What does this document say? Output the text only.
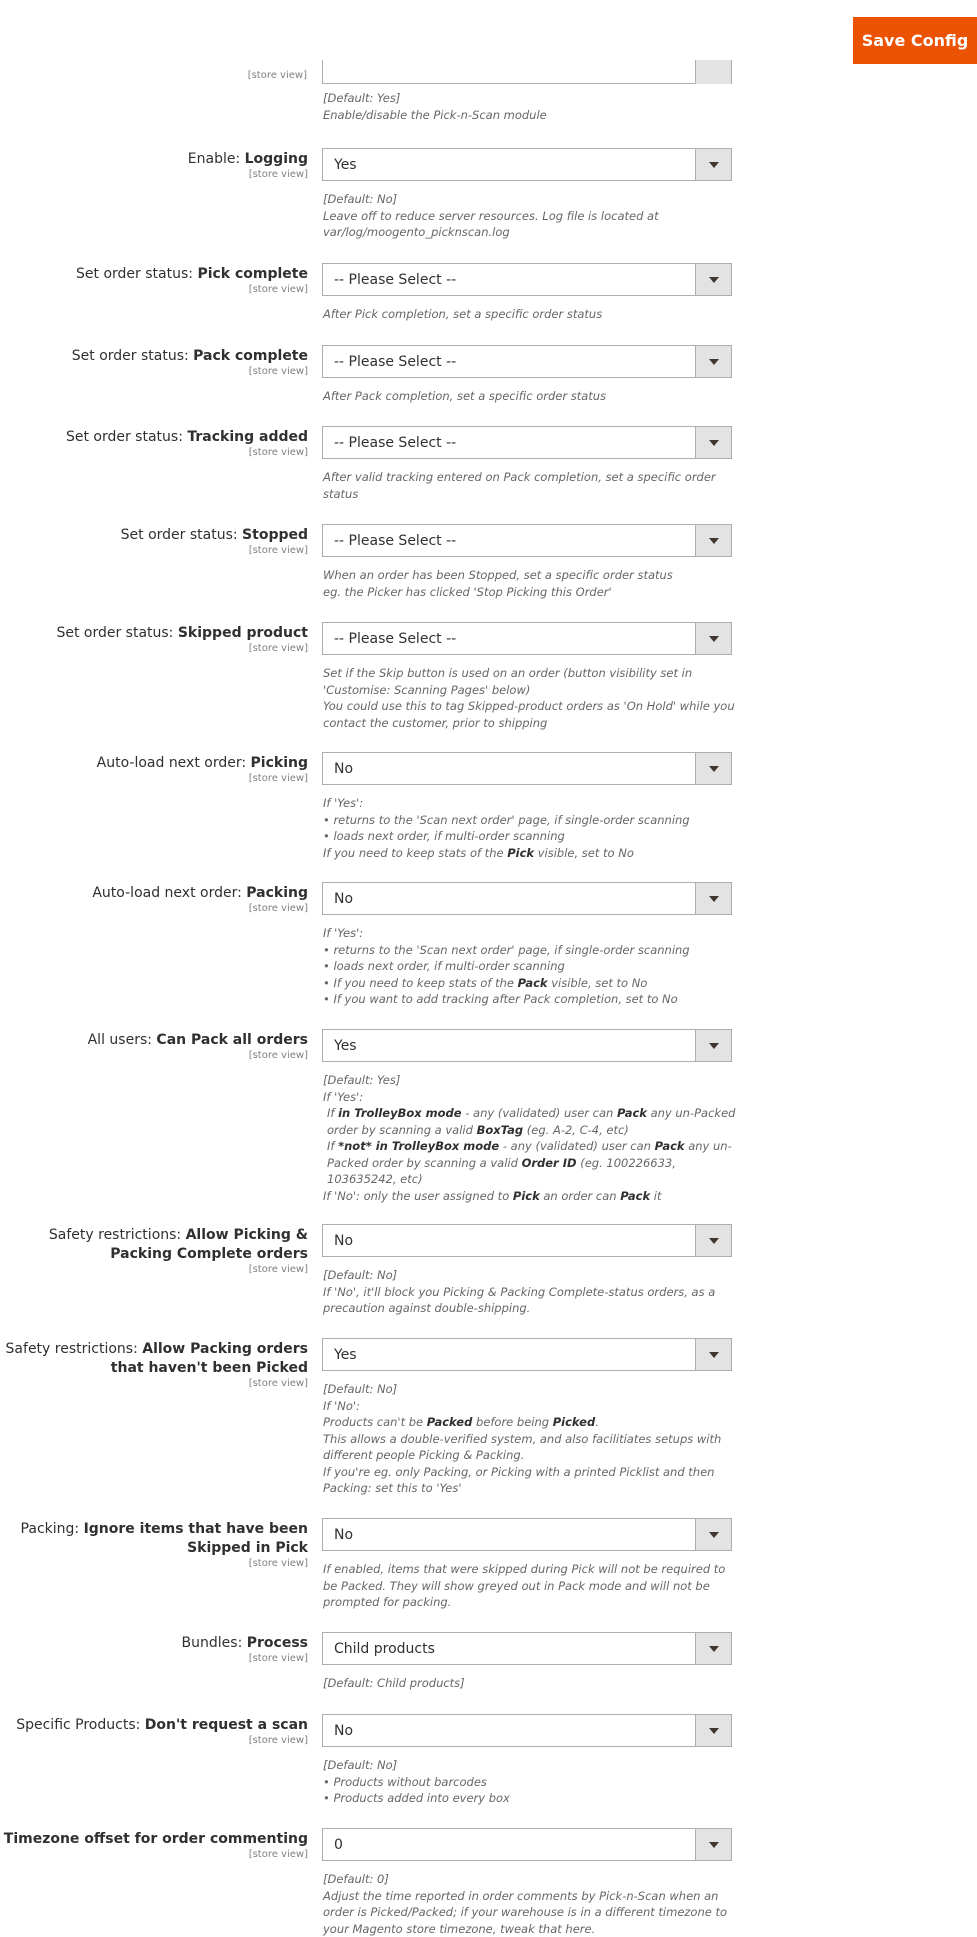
Save Config
[store view]

[Default: Yes]

Enable/disable the Pick-n-Scan module

Enable: Logging
[store view]
Yes

[Default: No]

Leave off to reduce server resources. Log file is located at var/log/moogento_picknscan.log

Set order status: Pick complete
[store view]
-- Please Select --

After Pick completion, set a specific order status

Set order status: Pack complete
[store view]
-- Please Select --

After Pack completion, set a specific order status

Set order status: Tracking added
[store view]
-- Please Select --

After valid tracking entered on Pack completion, set a specific order status

Set order status: Stopped
[store view]
-- Please Select --

When an order has been Stopped, set a specific order status

eg. the Picker has clicked 'Stop Picking this Order'

Set order status: Skipped product
[store view]
-- Please Select --

Set if the Skip button is used on an order (button visibility set in 'Customise: Scanning Pages' below)

You could use this to tag Skipped-product orders as 'On Hold' while you contact the customer, prior to shipping

Auto-load next order: Picking
[store view]
No

If 'Yes':

• returns to the 'Scan next order' page, if single-order scanning

• loads next order, if multi-order scanning

If you need to keep stats of the Pick visible, set to No

Auto-load next order: Packing
[store view]
No

If 'Yes':

• returns to the 'Scan next order' page, if single-order scanning

• loads next order, if multi-order scanning

• If you need to keep stats of the Pack visible, set to No

• If you want to add tracking after Pack completion, set to No

All users: Can Pack all orders
[store view]
Yes

[Default: Yes]

If 'Yes':

If in TrolleyBox mode - any (validated) user can Pack any un-Packed order by scanning a valid BoxTag (eg. A-2, C-4, etc)

If *not* in TrolleyBox mode - any (validated) user can Pack any un-Packed order by scanning a valid Order ID (eg. 100226633, 103635242, etc)

If 'No': only the user assigned to Pick an order can Pack it

Safety restrictions: Allow Picking & Packing Complete orders
[store view]
No

[Default: No]

If 'No', it'll block you Picking & Packing Complete-status orders, as a precaution against double-shipping.

Safety restrictions: Allow Packing orders that haven't been Picked
[store view]
Yes

[Default: No]

If 'No':

Products can't be Packed before being Picked.

This allows a double-verified system, and also facilitiates setups with different people Picking & Packing.

If you're eg. only Packing, or Picking with a printed Picklist and then Packing: set this to 'Yes'

Packing: Ignore items that have been Skipped in Pick
[store view]
No

If enabled, items that were skipped during Pick will not be required to be Packed. They will show greyed out in Pack mode and will not be prompted for packing.

Bundles: Process
[store view]
Child products

[Default: Child products]

Specific Products: Don't request a scan
[store view]
No

[Default: No]

• Products without barcodes

• Products added into every box

Timezone offset for order commenting
[store view]
0

[Default: 0]

Adjust the time reported in order comments by Pick-n-Scan when an order is Picked/Packed; if your warehouse is in a different timezone to your Magento store timezone, tweak that here.
